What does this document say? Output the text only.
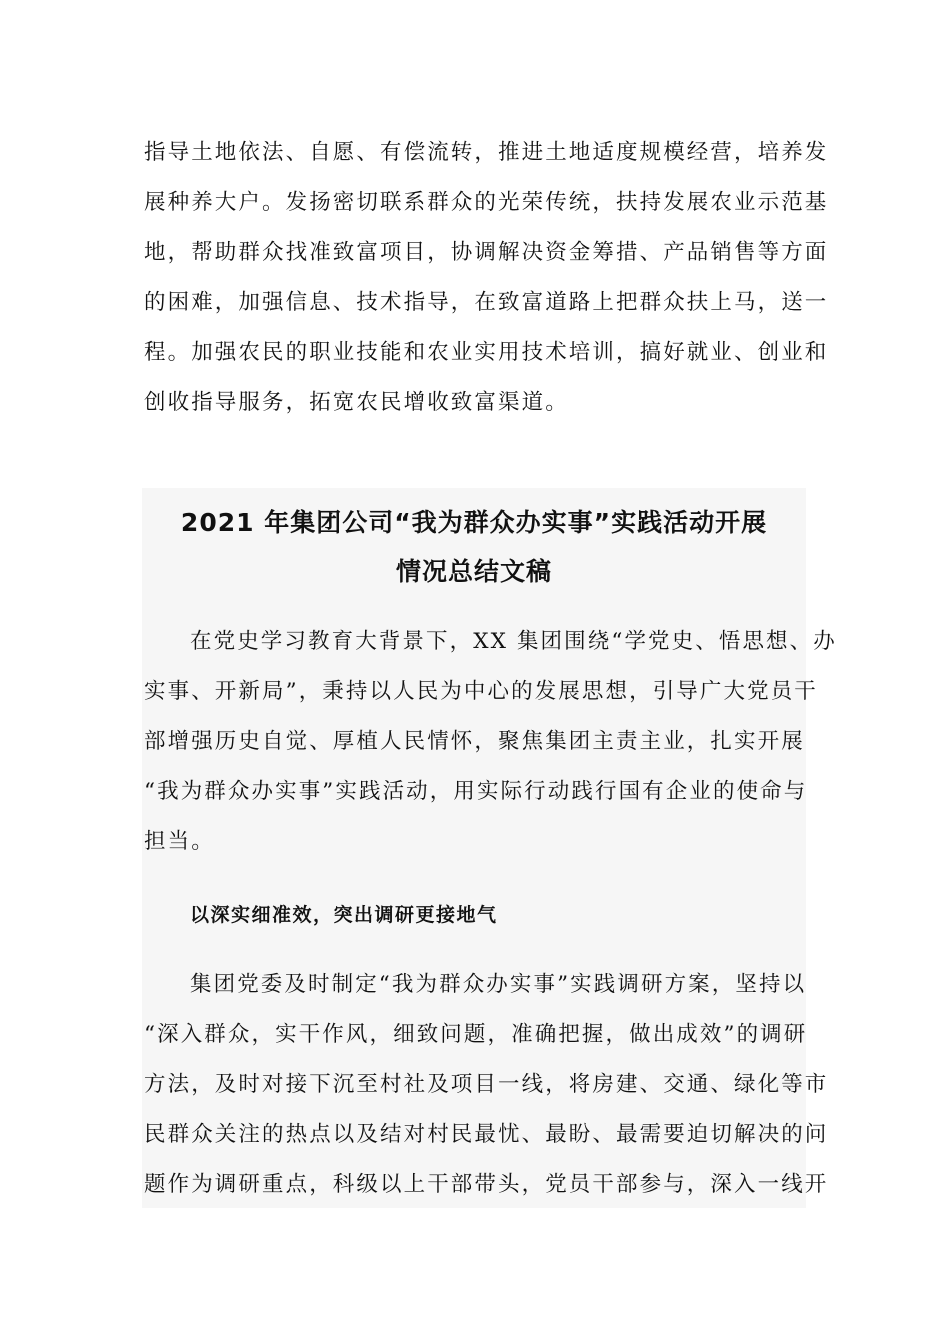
指导土地依法、自愿、有偿流转，推进土地适度规模经营，培养发
展种养大户。发扬密切联系群众的光荣传统，扶持发展农业示范基
地，帮助群众找准致富项目，协调解决资金筹措、产品销售等方面
的困难，加强信息、技术指导，在致富道路上把群众扶上马，送一
程。加强农民的职业技能和农业实用技术培训，搞好就业、创业和
创收指导服务，拓宽农民增收致富渠道。
2021 年集团公司“我为群众办实事”实践活动开展
情况总结文稿
在党史学习教育大背景下，XX 集团围绕“学党史、悟思想、办
实事、开新局”，秉持以人民为中心的发展思想，引导广大党员干
部增强历史自觉、厚植人民情怀，聚焦集团主责主业，扎实开展
“我为群众办实事”实践活动，用实际行动践行国有企业的使命与
担当。
以深实细准效，突出调研更接地气
集团党委及时制定“我为群众办实事”实践调研方案，坚持以
“深入群众，实干作风，细致问题，准确把握，做出成效”的调研
方法，及时对接下沉至村社及项目一线，将房建、交通、绿化等市
民群众关注的热点以及结对村民最忧、最盼、最需要迫切解决的问
题作为调研重点，科级以上干部带头，党员干部参与，深入一线开
